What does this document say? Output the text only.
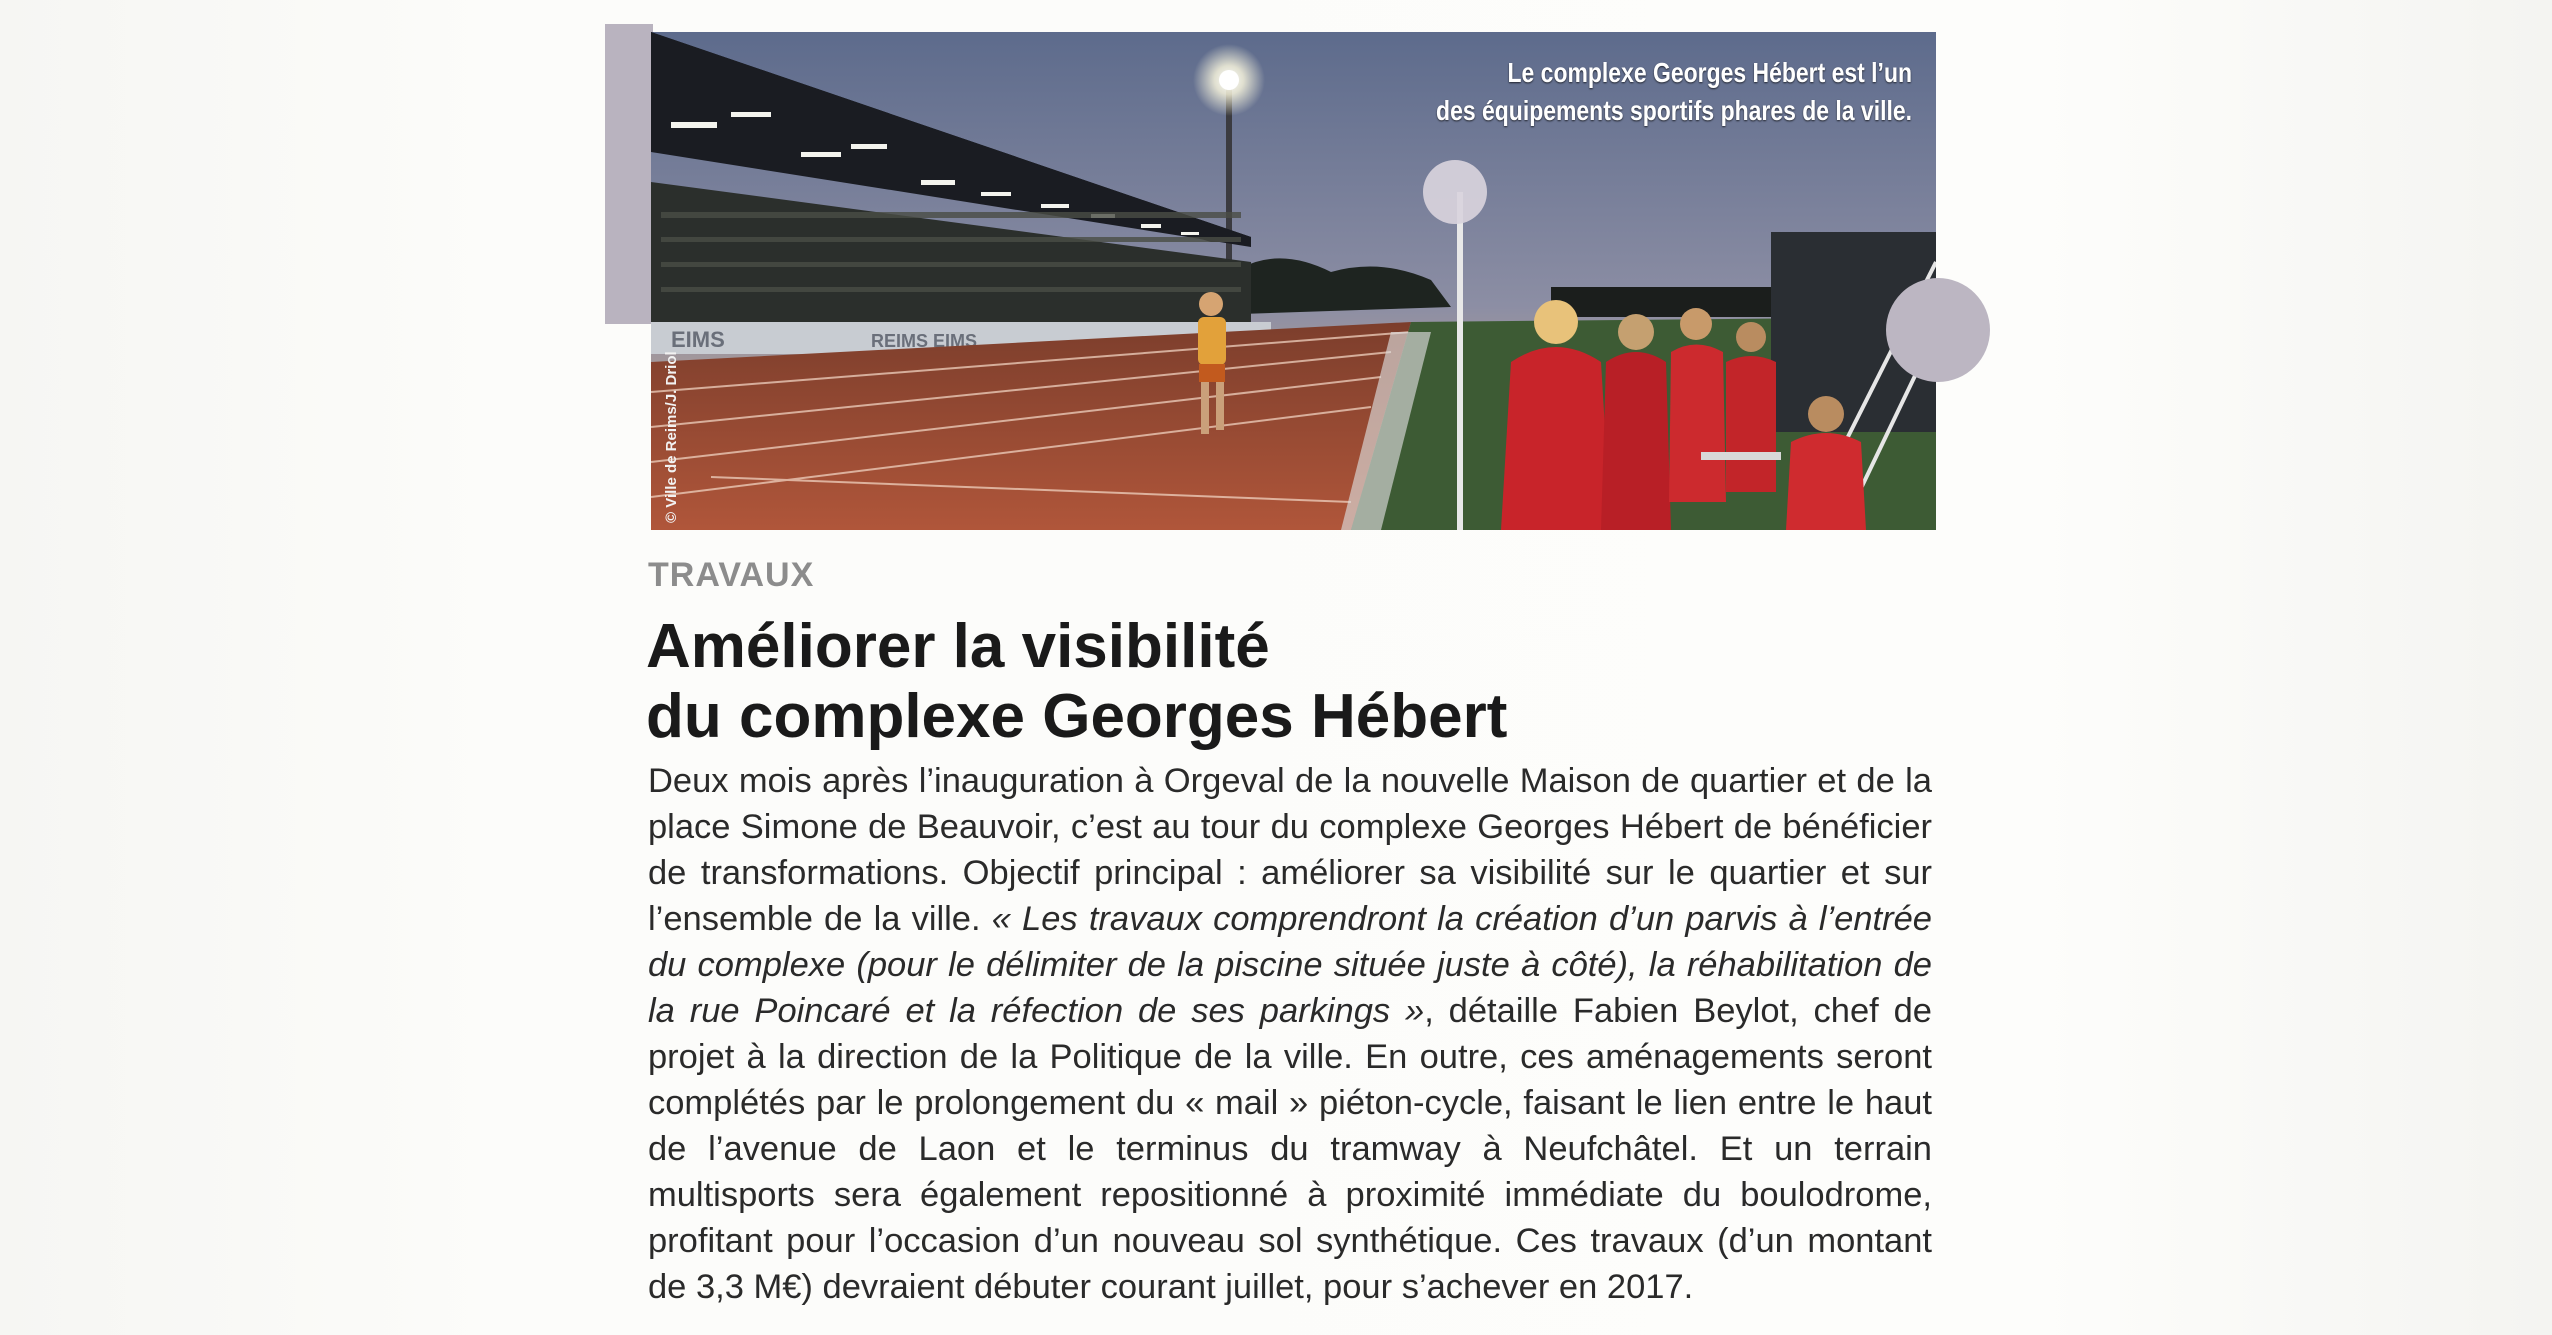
EIMS	REIMS EIMS
Le complexe Georges Hébert est l’un
des équipements sportifs phares de la ville.
© Ville de Reims/J. Driol
TRAVAUX
Améliorer la visibilité
du complexe Georges Hébert

Deux mois après l’inauguration à Orgeval de la nouvelle Maison de quartier et de la place Simone de Beauvoir, c’est au tour du complexe Georges Hébert de bénéficier de transformations. Objectif principal : améliorer sa visibilité sur le quartier et sur l’ensemble de la ville. « Les travaux comprendront la création d’un parvis à l’entrée du complexe (pour le délimiter de la piscine située juste à côté), la réhabilitation de la rue Poincaré et la réfection de ses parkings », détaille Fabien Beylot, chef de projet à la direction de la Politique de la ville. En outre, ces aménagements seront complétés par le prolongement du « mail » piéton-cycle, faisant le lien entre le haut de l’avenue de Laon et le terminus du tramway à Neufchâtel. Et un terrain multisports sera également repositionné à proximité immédiate du boulodrome, profitant pour l’occasion d’un nouveau sol synthétique. Ces travaux (d’un montant de 3,3 M€) devraient débuter courant juillet, pour s’achever en 2017.
